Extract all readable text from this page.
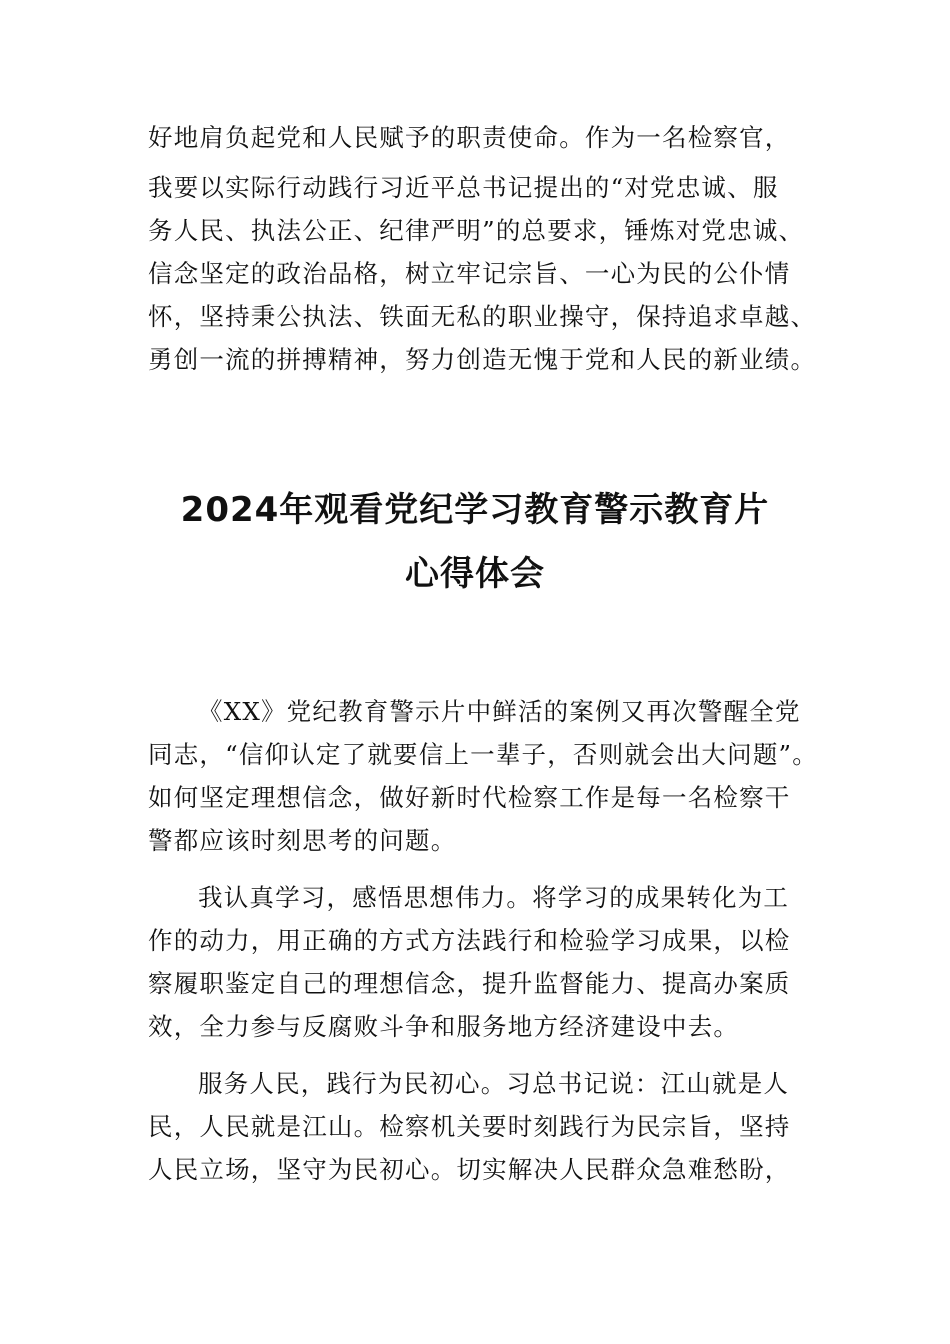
好地肩负起党和人民赋予的职责使命。作为一名检察官，
我要以实际行动践行习近平总书记提出的“对党忠诚、服
务人民、执法公正、纪律严明”的总要求，锤炼对党忠诚、
信念坚定的政治品格，树立牢记宗旨、一心为民的公仆情
怀，坚持秉公执法、铁面无私的职业操守，保持追求卓越、
勇创一流的拼搏精神，努力创造无愧于党和人民的新业绩。
2024年观看党纪学习教育警示教育片
心得体会
《XX》党纪教育警示片中鲜活的案例又再次警醒全党
同志，“信仰认定了就要信上一辈子，否则就会出大问题”。
如何坚定理想信念，做好新时代检察工作是每一名检察干
警都应该时刻思考的问题。
我认真学习，感悟思想伟力。将学习的成果转化为工
作的动力，用正确的方式方法践行和检验学习成果，以检
察履职鉴定自己的理想信念，提升监督能力、提高办案质
效，全力参与反腐败斗争和服务地方经济建设中去。
服务人民，践行为民初心。习总书记说：江山就是人
民，人民就是江山。检察机关要时刻践行为民宗旨，坚持
人民立场，坚守为民初心。切实解决人民群众急难愁盼，
